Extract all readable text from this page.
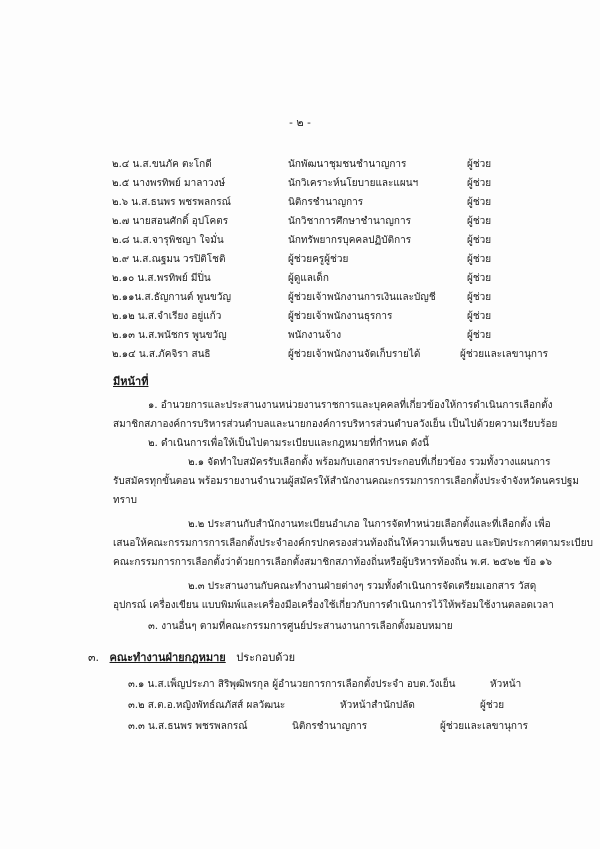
- ๒ -
๒.๔ น.ส.ขนภัค ตะโกดี	นักพัฒนาชุมชนชำนาญการ	ผู้ช่วย
๒.๕ นางพรทิพย์ มาลาวงษ์	นักวิเคราะห์นโยบายและแผนฯ	ผู้ช่วย
๒.๖ น.ส.ธนพร พชรพลกรณ์	นิติกรชำนาญการ	ผู้ช่วย
๒.๗ นายสอนศักดิ์ อุปโคตร	นักวิชาการศึกษาชำนาญการ	ผู้ช่วย
๒.๘ น.ส.จารุพิชญา ใจมั่น	นักทรัพยากรบุคคลปฏิบัติการ	ผู้ช่วย
๒.๙ น.ส.ณฐมน วรปิติโชติ	ผู้ช่วยครูผู้ช่วย	ผู้ช่วย
๒.๑๐ น.ส.พรทิพย์ มีปิ่น	ผู้ดูแลเด็ก	ผู้ช่วย
๒.๑๑น.ส.ธัญกานต์ พูนขวัญ	ผู้ช่วยเจ้าพนักงานการเงินและบัญชี	ผู้ช่วย
๒.๑๒ น.ส.จำเรียง อยู่แก้ว	ผู้ช่วยเจ้าพนักงานธุรการ	ผู้ช่วย
๒.๑๓ น.ส.พนัชกร พูนขวัญ	พนักงานจ้าง	ผู้ช่วย
๒.๑๔ น.ส.ภัคจิรา สนธิ	ผู้ช่วยเจ้าพนักงานจัดเก็บรายได้	ผู้ช่วยและเลขานุการ
มีหน้าที่
๑. อำนวยการและประสานงานหน่วยงานราชการและบุคคลที่เกี่ยวข้องให้การดำเนินการเลือกตั้ง
สมาชิกสภาองค์การบริหารส่วนตำบลและนายกองค์การบริหารส่วนตำบลวังเย็น เป็นไปด้วยความเรียบร้อย
๒. ดำเนินการเพื่อให้เป็นไปตามระเบียบและกฎหมายที่กำหนด ดังนี้
๒.๑ จัดทำใบสมัครรับเลือกตั้ง พร้อมกับเอกสารประกอบที่เกี่ยวข้อง รวมทั้งวางแผนการ
รับสมัครทุกขั้นตอน พร้อมรายงานจำนวนผู้สมัครให้สำนักงานคณะกรรมการการเลือกตั้งประจำจังหวัดนครปฐม
ทราบ
๒.๒ ประสานกับสำนักงานทะเบียนอำเภอ ในการจัดทำหน่วยเลือกตั้งและที่เลือกตั้ง เพื่อ
เสนอให้คณะกรรมการการเลือกตั้งประจำองค์กรปกครองส่วนท้องถิ่นให้ความเห็นชอบ และปิดประกาศตามระเบียบ
คณะกรรมการการเลือกตั้งว่าด้วยการเลือกตั้งสมาชิกสภาท้องถิ่นหรือผู้บริหารท้องถิ่น พ.ศ. ๒๕๖๒ ข้อ ๑๖
๒.๓ ประสานงานกับคณะทำงานฝ่ายต่างๆ รวมทั้งดำเนินการจัดเตรียมเอกสาร วัสดุ
อุปกรณ์ เครื่องเขียน แบบพิมพ์และเครื่องมือเครื่องใช้เกี่ยวกับการดำเนินการไว้ให้พร้อมใช้งานตลอดเวลา
๓. งานอื่นๆ ตามที่คณะกรรมการศูนย์ประสานงานการเลือกตั้งมอบหมาย
๓. คณะทำงานฝ่ายกฎหมาย ประกอบด้วย
๓.๑ น.ส.เพ็ญประภา สิริพุฒิพรกุล ผู้อำนวยการการเลือกตั้งประจำ อบต.วังเย็น	หัวหน้า
๓.๒ ส.ต.อ.หญิงพัทธ์ณภัสส์ ผลวัฒนะ	หัวหน้าสำนักปลัด	ผู้ช่วย
๓.๓ น.ส.ธนพร พชรพลกรณ์	นิติกรชำนาญการ	ผู้ช่วยและเลขานุการ
